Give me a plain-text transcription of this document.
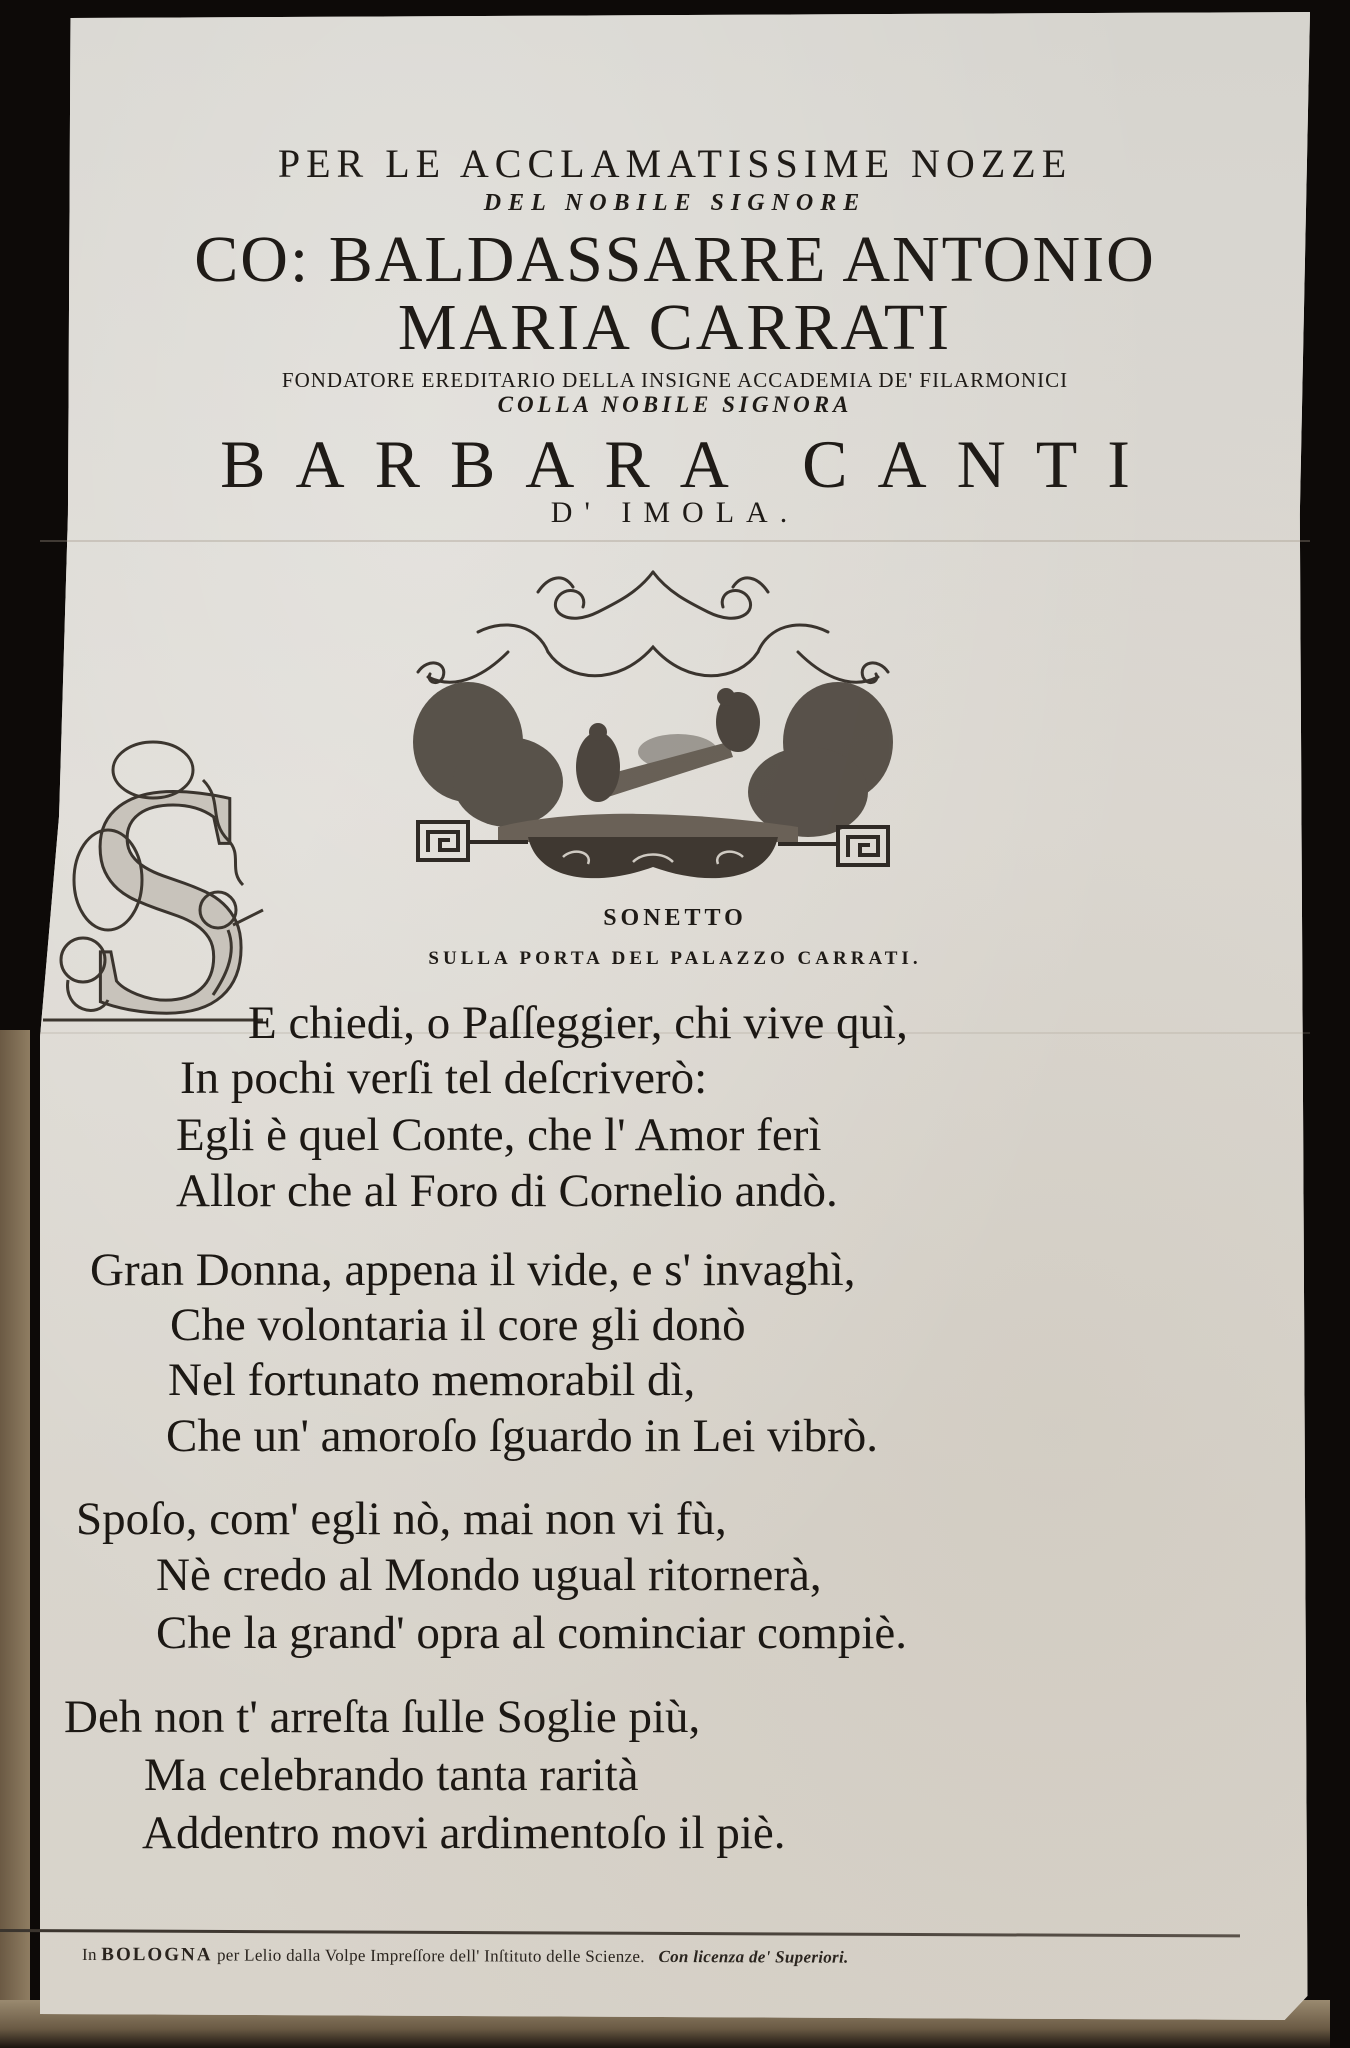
PER LE ACCLAMATISSIME NOZZE
DEL NOBILE SIGNORE
CO: BALDASSARRE ANTONIO
MARIA CARRATI
FONDATORE EREDITARIO DELLA INSIGNE ACCADEMIA DE' FILARMONICI
COLLA NOBILE SIGNORA
BARBARA CANTI
D' IMOLA.
S	SONETTO
SULLA PORTA DEL PALAZZO CARRATI.
E chiedi, o Paſſeggier, chi vive quì,
In pochi verſi tel deſcriverò:
Egli è quel Conte, che l' Amor ferì
Allor che al Foro di Cornelio andò.
Gran Donna, appena il vide, e s' invaghì,
Che volontaria il core gli donò
Nel fortunato memorabil dì,
Che un' amoroſo ſguardo in Lei vibrò.
Spoſo, com' egli nò, mai non vi fù,
Nè credo al Mondo ugual ritornerà,
Che la grand' opra al cominciar compiè.
Deh non t' arreſta ſulle Soglie più,
Ma celebrando tanta rarità
Addentro movi ardimentoſo il piè.
In BOLOGNA per Lelio dalla Volpe Impreſſore dell' Inſtituto delle Scienze. Con licenza de' Superiori.
